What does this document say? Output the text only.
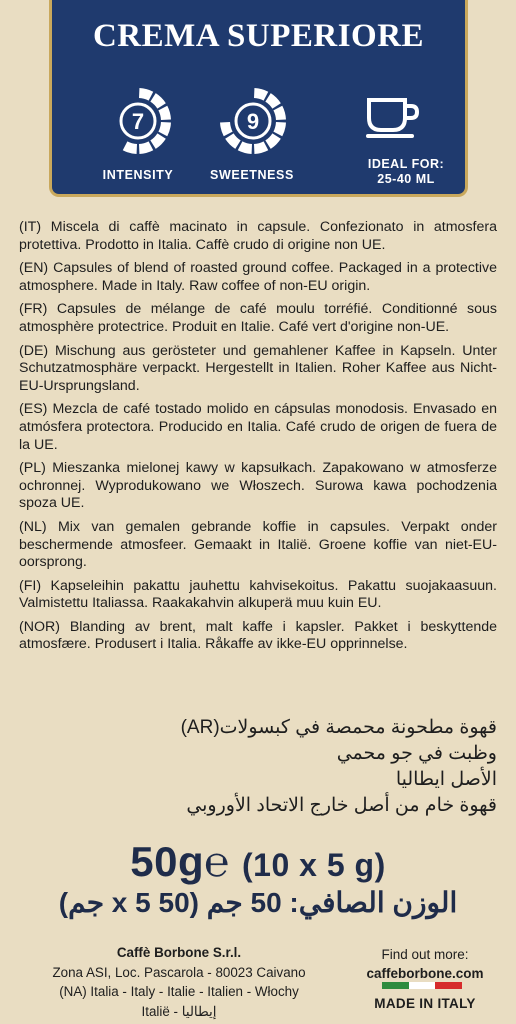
CREMA SUPERIORE
7
INTENSITY
9
SWEETNESS
IDEAL FOR:
25-40 ML
(IT) Miscela di caffè macinato in capsule. Confezionato in atmosfera protettiva. Prodotto in Italia. Caffè crudo di origine non UE.
(EN) Capsules of blend of roasted ground coffee. Packaged in a protective atmosphere. Made in Italy. Raw coffee of non-EU origin.
(FR) Capsules de mélange de café moulu torréfié. Conditionné sous atmosphère protectrice. Produit en Italie. Café vert d'origine non-UE.
(DE) Mischung aus gerösteter und gemahlener Kaffee in Kapseln. Unter Schutzatmosphäre verpackt. Hergestellt in Italien. Roher Kaffee aus Nicht-EU-Ursprungsland.
(ES) Mezcla de café tostado molido en cápsulas monodosis. Envasado en atmósfera protectora. Producido en Italia. Café crudo de origen de fuera de la UE.
(PL) Mieszanka mielonej kawy w kapsułkach. Zapakowano w atmosferze ochronnej. Wyprodukowano we Włoszech. Surowa kawa pochodzenia spoza UE.
(NL) Mix van gemalen gebrande koffie in capsules. Verpakt onder beschermende atmosfeer. Gemaakt in Italië. Groene koffie van niet-EU-oorsprong.
(FI) Kapseleihin pakattu jauhettu kahvisekoitus. Pakattu suojakaasuun. Valmistettu Italiassa. Raakakahvin alkuperä muu kuin EU.
(NOR) Blanding av brent, malt kaffe i kapsler. Pakket i beskyttende atmosfære. Produsert i Italia. Råkaffe av ikke-EU opprinnelse.
قهوة مطحونة محمصة في كبسولات(AR)
وظبت في جو محمي
الأصل ايطاليا
قهوة خام من أصل خارج الاتحاد الأوروبي
50g℮ (10 x 5 g)
الوزن الصافي: 50 جم (50 x 5 جم)
Caffè Borbone S.r.l.
Zona ASI, Loc. Pascarola - 80023 Caivano
(NA) Italia - Italy - Italie - Italien - Włochy
Italië - إيطاليا
Find out more:
caffeborbone.com
MADE IN ITALY
